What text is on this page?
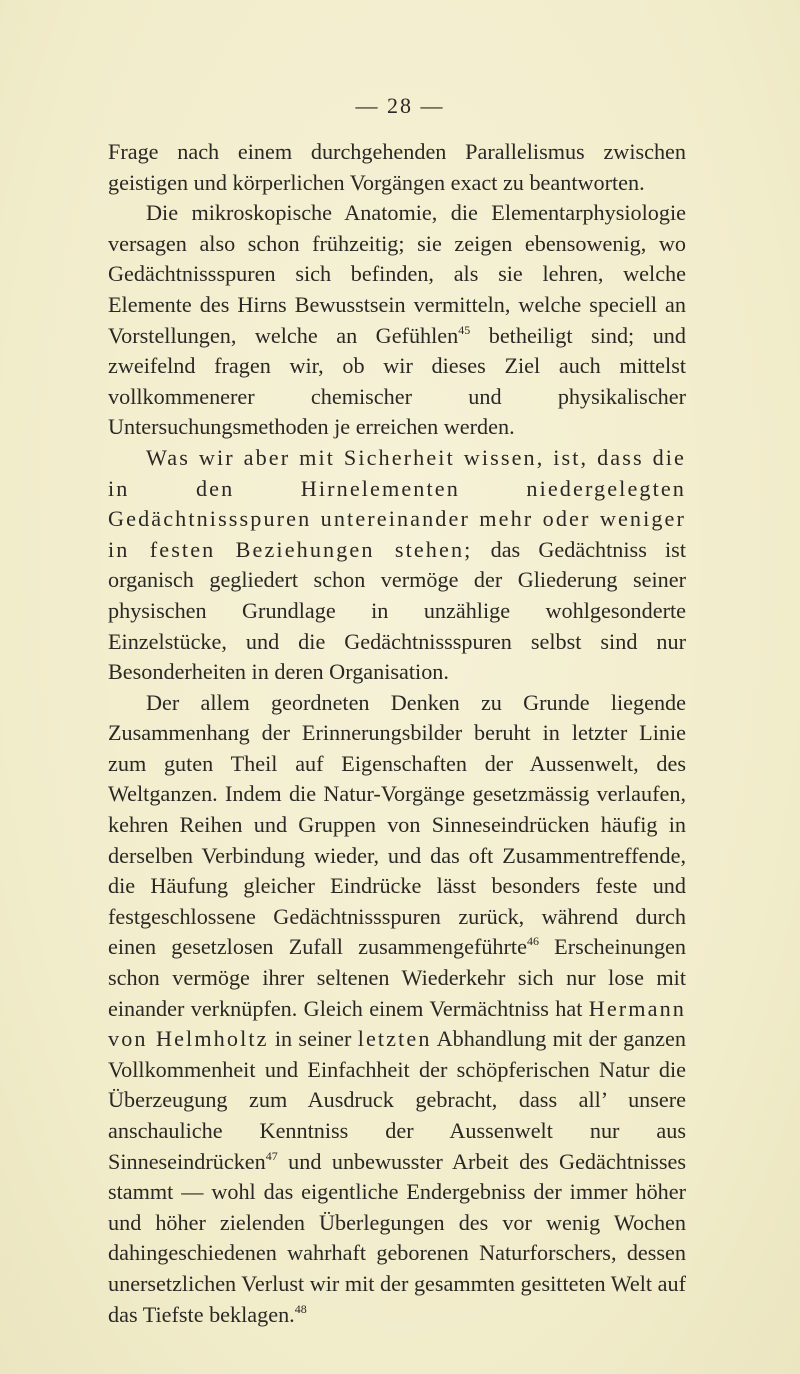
— 28 —

Frage nach einem durchgehenden Parallelismus zwischen geistigen und körperlichen Vorgängen exact zu beantworten.

Die mikroskopische Anatomie, die Elementarphysiologie versagen also schon frühzeitig; sie zeigen ebensowenig, wo Gedächtnissspuren sich befinden, als sie lehren, welche Elemente des Hirns Bewusstsein vermitteln, welche speciell an Vorstellungen, welche an Gefühlen$^{45}$ betheiligt sind; und zweifelnd fragen wir, ob wir dieses Ziel auch mittelst vollkommenerer chemischer und physikalischer Untersuchungsmethoden je erreichen werden.

Was wir aber mit Sicherheit wissen, ist, dass die in den Hirnelementen niedergelegten Gedächtnissspuren untereinander mehr oder weniger in festen Beziehungen stehen; das Gedächtniss ist organisch gegliedert schon vermöge der Gliederung seiner physischen Grundlage in unzählige wohlgesonderte Einzelstücke, und die Gedächtnissspuren selbst sind nur Besonderheiten in deren Organisation.

Der allem geordneten Denken zu Grunde liegende Zusammenhang der Erinnerungsbilder beruht in letzter Linie zum guten Theil auf Eigenschaften der Aussenwelt, des Weltganzen. Indem die Natur-Vorgänge gesetzmässig verlaufen, kehren Reihen und Gruppen von Sinneseindrücken häufig in derselben Verbindung wieder, und das oft Zusammentreffende, die Häufung gleicher Eindrücke lässt besonders feste und festgeschlossene Gedächtnissspuren zurück, während durch einen gesetzlosen Zufall zusammengeführte$^{46}$ Erscheinungen schon vermöge ihrer seltenen Wiederkehr sich nur lose mit einander verknüpfen. Gleich einem Vermächtniss hat Hermann von Helmholtz in seiner letzten Abhandlung mit der ganzen Vollkommenheit und Einfachheit der schöpferischen Natur die Überzeugung zum Ausdruck gebracht, dass all’ unsere anschauliche Kenntniss der Aussenwelt nur aus Sinneseindrücken$^{47}$ und unbewusster Arbeit des Gedächtnisses stammt — wohl das eigentliche Endergebniss der immer höher und höher zielenden Überlegungen des vor wenig Wochen dahingeschiedenen wahrhaft geborenen Naturforschers, dessen unersetzlichen Verlust wir mit der gesammten gesitteten Welt auf das Tiefste beklagen.$^{48}$
